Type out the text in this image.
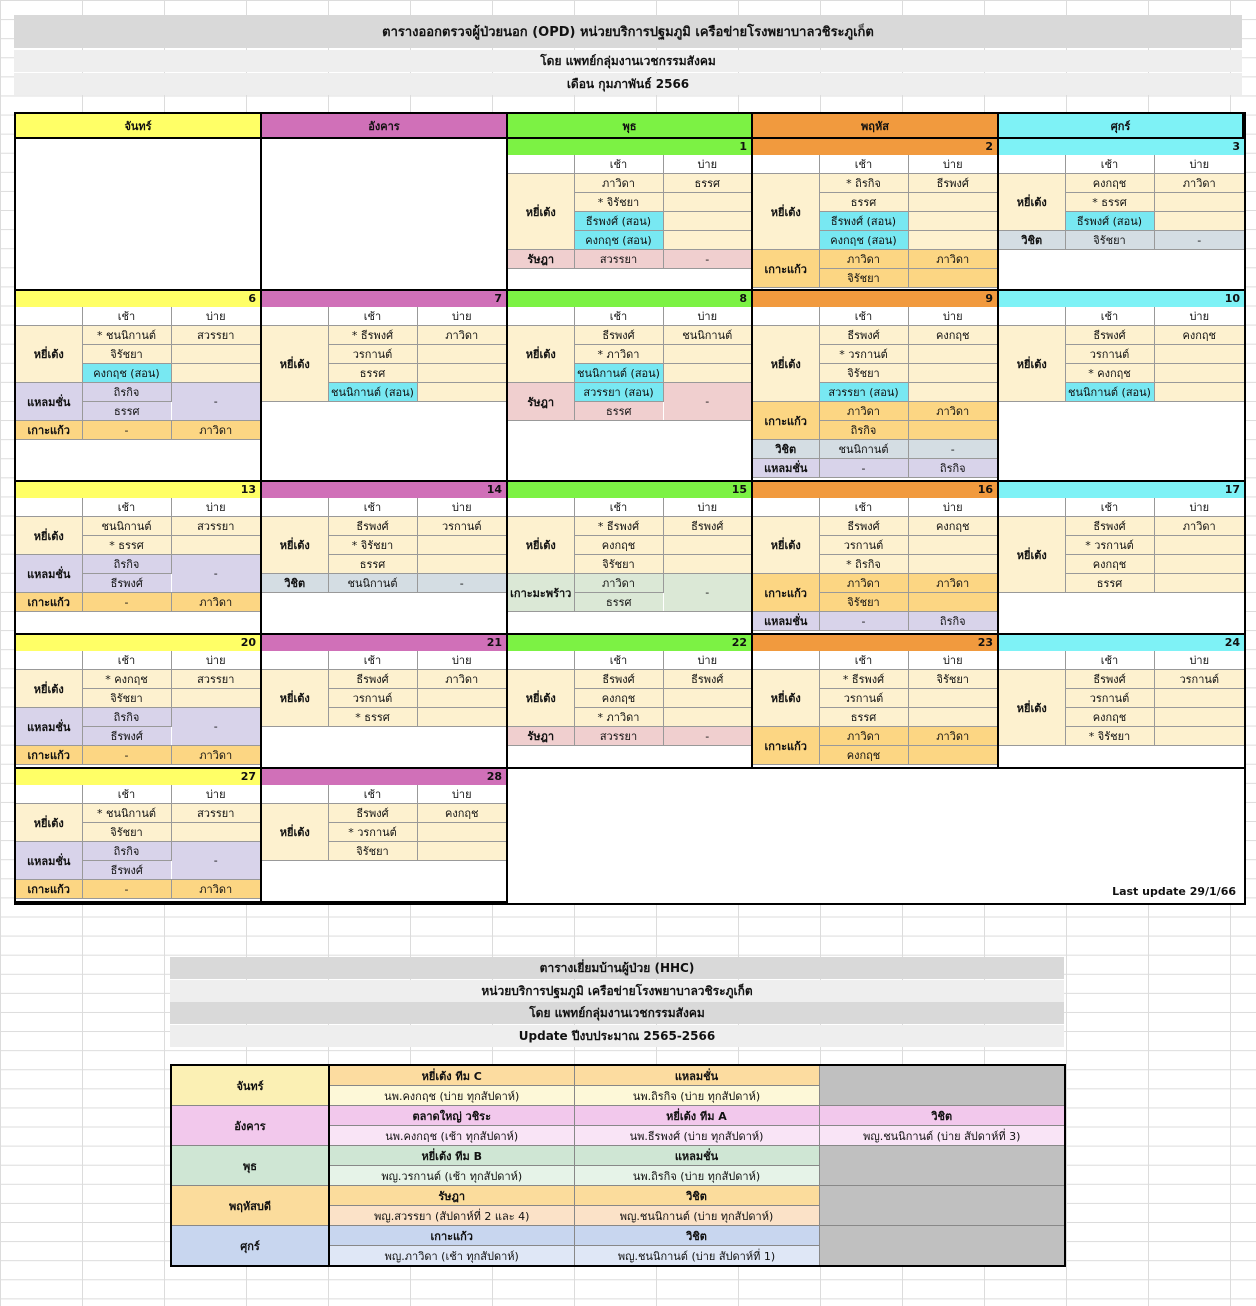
ตารางออกตรวจผู้ป่วยนอก (OPD) หน่วยบริการปฐมภูมิ เครือข่ายโรงพยาบาลวชิระภูเก็ต
โดย แพทย์กลุ่มงานเวชกรรมสังคม
เดือน กุมภาพันธ์ 2566
จันทร์	อังคาร	พุธ	พฤหัส	ศุกร์
1
	เช้า	บ่าย
หยี่เต้ง	ภาวิดา	ธรรศ
	* จิรัชยา	
	ธีรพงศ์ (สอน)	
	คงกฤช (สอน)	
รัษฎา	สวรรยา	-
2
	เช้า	บ่าย
หยี่เต้ง	* ถิรกิจ	ธีรพงศ์
	ธรรศ	
	ธีรพงศ์ (สอน)	
	คงกฤช (สอน)	
เกาะแก้ว	ภาวิดา	ภาวิดา
	จิรัชยา	
3
	เช้า	บ่าย
หยี่เต้ง	คงกฤช	ภาวิดา
	* ธรรศ	
	ธีรพงศ์ (สอน)	
วิชิต	จิรัชยา	-
6
	เช้า	บ่าย
หยี่เต้ง	* ชนนิกานต์	สวรรยา
	จิรัชยา	
	คงกฤช (สอน)	
แหลมชั่น	ถิรกิจ	-
	ธรรศ	
เกาะแก้ว	-	ภาวิดา
7
	เช้า	บ่าย
หยี่เต้ง	* ธีรพงศ์	ภาวิดา
	วรกานต์	
	ธรรศ	
	ชนนิกานต์ (สอน)	
8
	เช้า	บ่าย
หยี่เต้ง	ธีรพงศ์	ชนนิกานต์
	* ภาวิดา	
	ชนนิกานต์ (สอน)	
รัษฎา	สวรรยา (สอน)	-
	ธรรศ	
9
	เช้า	บ่าย
หยี่เต้ง	ธีรพงศ์	คงกฤช
	* วรกานต์	
	จิรัชยา	
	สวรรยา (สอน)	
เกาะแก้ว	ภาวิดา	ภาวิดา
	ถิรกิจ	
วิชิต	ชนนิกานต์	-
แหลมชั่น	-	ถิรกิจ
10
	เช้า	บ่าย
หยี่เต้ง	ธีรพงศ์	คงกฤช
	วรกานต์	
	* คงกฤช	
	ชนนิกานต์ (สอน)	
13
	เช้า	บ่าย
หยี่เต้ง	ชนนิกานต์	สวรรยา
	* ธรรศ	
แหลมชั่น	ถิรกิจ	-
	ธีรพงศ์	
เกาะแก้ว	-	ภาวิดา
14
	เช้า	บ่าย
หยี่เต้ง	ธีรพงศ์	วรกานต์
	* จิรัชยา	
	ธรรศ	
วิชิต	ชนนิกานต์	-
15
	เช้า	บ่าย
หยี่เต้ง	* ธีรพงศ์	ธีรพงศ์
	คงกฤช	
	จิรัชยา	
เกาะมะพร้าว	ภาวิดา	-
	ธรรศ	
16
	เช้า	บ่าย
หยี่เต้ง	ธีรพงศ์	คงกฤช
	วรกานต์	
	* ถิรกิจ	
เกาะแก้ว	ภาวิดา	ภาวิดา
	จิรัชยา	
แหลมชั่น	-	ถิรกิจ
17
	เช้า	บ่าย
หยี่เต้ง	ธีรพงศ์	ภาวิดา
	* วรกานต์	
	คงกฤช	
	ธรรศ	
20
	เช้า	บ่าย
หยี่เต้ง	* คงกฤช	สวรรยา
	จิรัชยา	
แหลมชั่น	ถิรกิจ	-
	ธีรพงศ์	
เกาะแก้ว	-	ภาวิดา
21
	เช้า	บ่าย
หยี่เต้ง	ธีรพงศ์	ภาวิดา
	วรกานต์	
	* ธรรศ	
22
	เช้า	บ่าย
หยี่เต้ง	ธีรพงศ์	ธีรพงศ์
	คงกฤช	
	* ภาวิดา	
รัษฎา	สวรรยา	-
23
	เช้า	บ่าย
หยี่เต้ง	* ธีรพงศ์	จิรัชยา
	วรกานต์	
	ธรรศ	
เกาะแก้ว	ภาวิดา	ภาวิดา
	คงกฤช	
24
	เช้า	บ่าย
หยี่เต้ง	ธีรพงศ์	วรกานต์
	วรกานต์	
	คงกฤช	
	* จิรัชยา	
27
	เช้า	บ่าย
หยี่เต้ง	* ชนนิกานต์	สวรรยา
	จิรัชยา	
แหลมชั่น	ถิรกิจ	-
	ธีรพงศ์	
เกาะแก้ว	-	ภาวิดา
28
	เช้า	บ่าย
หยี่เต้ง	ธีรพงศ์	คงกฤช
	* วรกานต์	
	จิรัชยา	
Last update 29/1/66
ตารางเยี่ยมบ้านผู้ป่วย (HHC)
หน่วยบริการปฐมภูมิ เครือข่ายโรงพยาบาลวชิระภูเก็ต
โดย แพทย์กลุ่มงานเวชกรรมสังคม
Update ปีงบประมาณ 2565-2566
จันทร์	หยี่เต้ง ทีม C	แหลมชั่น	
	นพ.คงกฤช (บ่าย ทุกสัปดาห์)	นพ.ถิรกิจ (บ่าย ทุกสัปดาห์)	
อังคาร	ตลาดใหญ่ วชิระ	หยี่เต้ง ทีม A	วิชิต
	นพ.คงกฤช (เช้า ทุกสัปดาห์)	นพ.ธีรพงศ์ (บ่าย ทุกสัปดาห์)	พญ.ชนนิกานต์ (บ่าย สัปดาห์ที่ 3)
พุธ	หยี่เต้ง ทีม B	แหลมชั่น	
	พญ.วรกานต์ (เช้า ทุกสัปดาห์)	นพ.ถิรกิจ (บ่าย ทุกสัปดาห์)	
พฤหัสบดี	รัษฎา	วิชิต	
	พญ.สวรรยา (สัปดาห์ที่ 2 และ 4)	พญ.ชนนิกานต์ (บ่าย ทุกสัปดาห์)	
ศุกร์	เกาะแก้ว	วิชิต	
	พญ.ภาวิดา (เช้า ทุกสัปดาห์)	พญ.ชนนิกานต์ (บ่าย สัปดาห์ที่ 1)	
